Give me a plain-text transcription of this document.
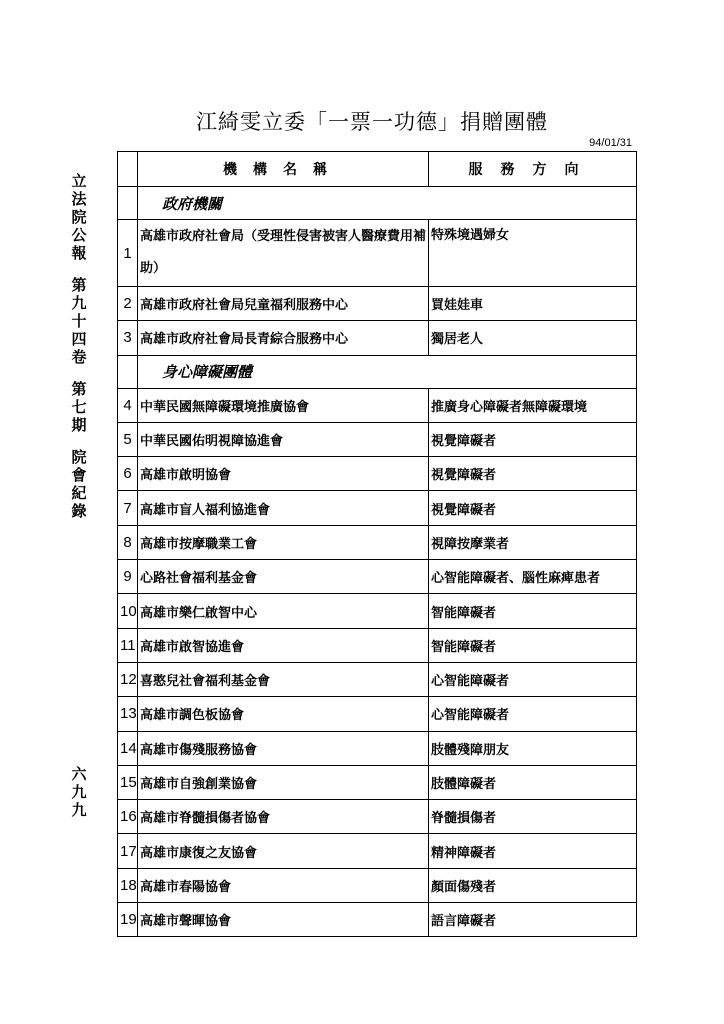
立法院公報
第九十四卷
第七期
院會紀錄
六九九
江綺雯立委「一票一功德」捐贈團體
94/01/31
	機構名稱	服務方向
	政府機關	
1	高雄市政府社會局（受理性侵害被害人醫療費用補助）	特殊境遇婦女
2	高雄市政府社會局兒童福利服務中心	買娃娃車
3	高雄市政府社會局長青綜合服務中心	獨居老人
	身心障礙團體	
4	中華民國無障礙環境推廣協會	推廣身心障礙者無障礙環境
5	中華民國佑明視障協進會	視覺障礙者
6	高雄市啟明協會	視覺障礙者
7	高雄市盲人福利協進會	視覺障礙者
8	高雄市按摩職業工會	視障按摩業者
9	心路社會福利基金會	心智能障礙者、腦性麻痺患者
10	高雄市樂仁啟智中心	智能障礙者
11	高雄市啟智協進會	智能障礙者
12	喜憨兒社會福利基金會	心智能障礙者
13	高雄市調色板協會	心智能障礙者
14	高雄市傷殘服務協會	肢體殘障朋友
15	高雄市自強創業協會	肢體障礙者
16	高雄市脊髓損傷者協會	脊髓損傷者
17	高雄市康復之友協會	精神障礙者
18	高雄市春陽協會	顏面傷殘者
19	高雄市聲暉協會	語言障礙者
